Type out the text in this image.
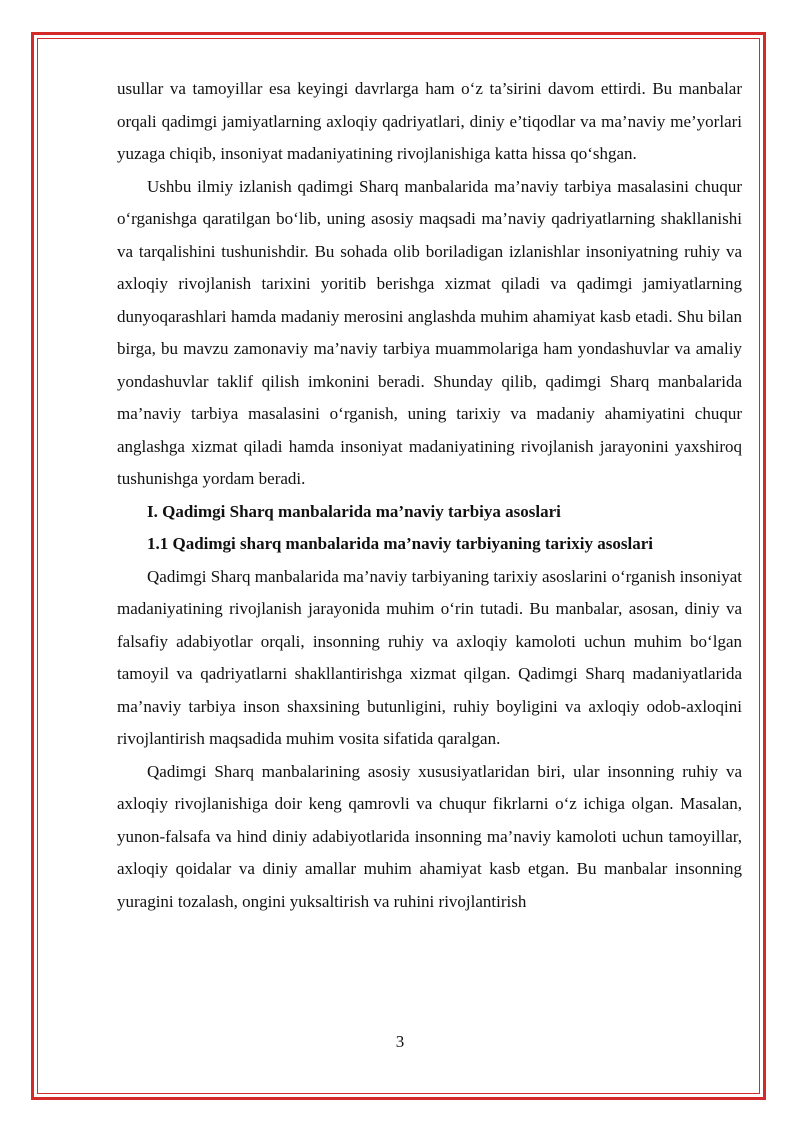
usullar va tamoyillar esa keyingi davrlarga ham o‘z ta’sirini davom ettirdi. Bu manbalar orqali qadimgi jamiyatlarning axloqiy qadriyatlari, diniy e’tiqodlar va ma’naviy me’yorlari yuzaga chiqib, insoniyat madaniyatining rivojlanishiga katta hissa qo‘shgan.

Ushbu ilmiy izlanish qadimgi Sharq manbalarida ma’naviy tarbiya masalasini chuqur o‘rganishga qaratilgan bo‘lib, uning asosiy maqsadi ma’naviy qadriyatlarning shakllanishi va tarqalishini tushunishdir. Bu sohada olib boriladigan izlanishlar insoniyatning ruhiy va axloqiy rivojlanish tarixini yoritib berishga xizmat qiladi va qadimgi jamiyatlarning dunyoqarashlari hamda madaniy merosini anglashda muhim ahamiyat kasb etadi. Shu bilan birga, bu mavzu zamonaviy ma’naviy tarbiya muammolariga ham yondashuvlar va amaliy yondashuvlar taklif qilish imkonini beradi. Shunday qilib, qadimgi Sharq manbalarida ma’naviy tarbiya masalasini o‘rganish, uning tarixiy va madaniy ahamiyatini chuqur anglashga xizmat qiladi hamda insoniyat madaniyatining rivojlanish jarayonini yaxshiroq tushunishga yordam beradi.

I. Qadimgi Sharq manbalarida ma’naviy tarbiya asoslari
1.1 Qadimgi sharq manbalarida ma’naviy tarbiyaning tarixiy asoslari

Qadimgi Sharq manbalarida ma’naviy tarbiyaning tarixiy asoslarini o‘rganish insoniyat madaniyatining rivojlanish jarayonida muhim o‘rin tutadi. Bu manbalar, asosan, diniy va falsafiy adabiyotlar orqali, insonning ruhiy va axloqiy kamoloti uchun muhim bo‘lgan tamoyil va qadriyatlarni shakllantirishga xizmat qilgan. Qadimgi Sharq madaniyatlarida ma’naviy tarbiya inson shaxsining butunligini, ruhiy boyligini va axloqiy odob-axloqini rivojlantirish maqsadida muhim vosita sifatida qaralgan.

Qadimgi Sharq manbalarining asosiy xususiyatlaridan biri, ular insonning ruhiy va axloqiy rivojlanishiga doir keng qamrovli va chuqur fikrlarni o‘z ichiga olgan. Masalan, yunon-falsafa va hind diniy adabiyotlarida insonning ma’naviy kamoloti uchun tamoyillar, axloqiy qoidalar va diniy amallar muhim ahamiyat kasb etgan. Bu manbalar insonning yuragini tozalash, ongini yuksaltirish va ruhini rivojlantirish

3
